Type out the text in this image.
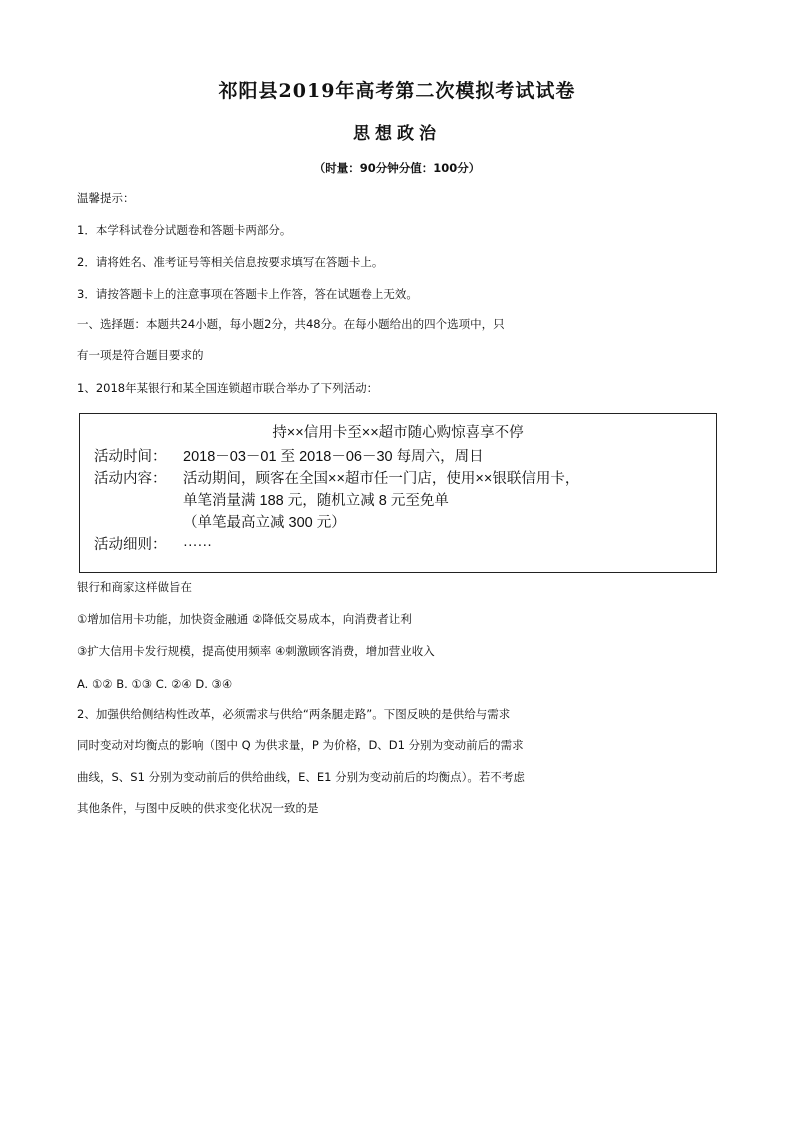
祁阳县2019年高考第二次模拟考试试卷
思想政治
（时量：90分钟分值：100分）
温馨提示：
1．本学科试卷分试题卷和答题卡两部分。
2．请将姓名、准考证号等相关信息按要求填写在答题卡上。
3．请按答题卡上的注意事项在答题卡上作答，答在试题卷上无效。
一、选择题：本题共24小题，每小题2分，共48分。在每小题给出的四个选项中，只
有一项是符合题目要求的
1、2018年某银行和某全国连锁超市联合举办了下列活动：
持××信用卡至××超市随心购惊喜享不停
活动时间： 2018－03－01 至 2018－06－30 每周六，周日
活动内容： 活动期间，顾客在全国××超市任一门店，使用××银联信用卡，
单笔消量满 188 元，随机立减 8 元至免单
（单笔最高立减 300 元）
活动细则： ······
银行和商家这样做旨在
①增加信用卡功能，加快资金融通 ②降低交易成本，向消费者让利
③扩大信用卡发行规模，提高使用频率 ④刺激顾客消费，增加营业收入
A. ①② B. ①③ C. ②④ D. ③④
2、加强供给侧结构性改革，必须需求与供给“两条腿走路”。下图反映的是供给与需求
同时变动对均衡点的影响（图中 Q 为供求量，P 为价格，D、D1 分别为变动前后的需求
曲线，S、S1 分别为变动前后的供给曲线，E、E1 分别为变动前后的均衡点）。若不考虑
其他条件，与图中反映的供求变化状况一致的是
